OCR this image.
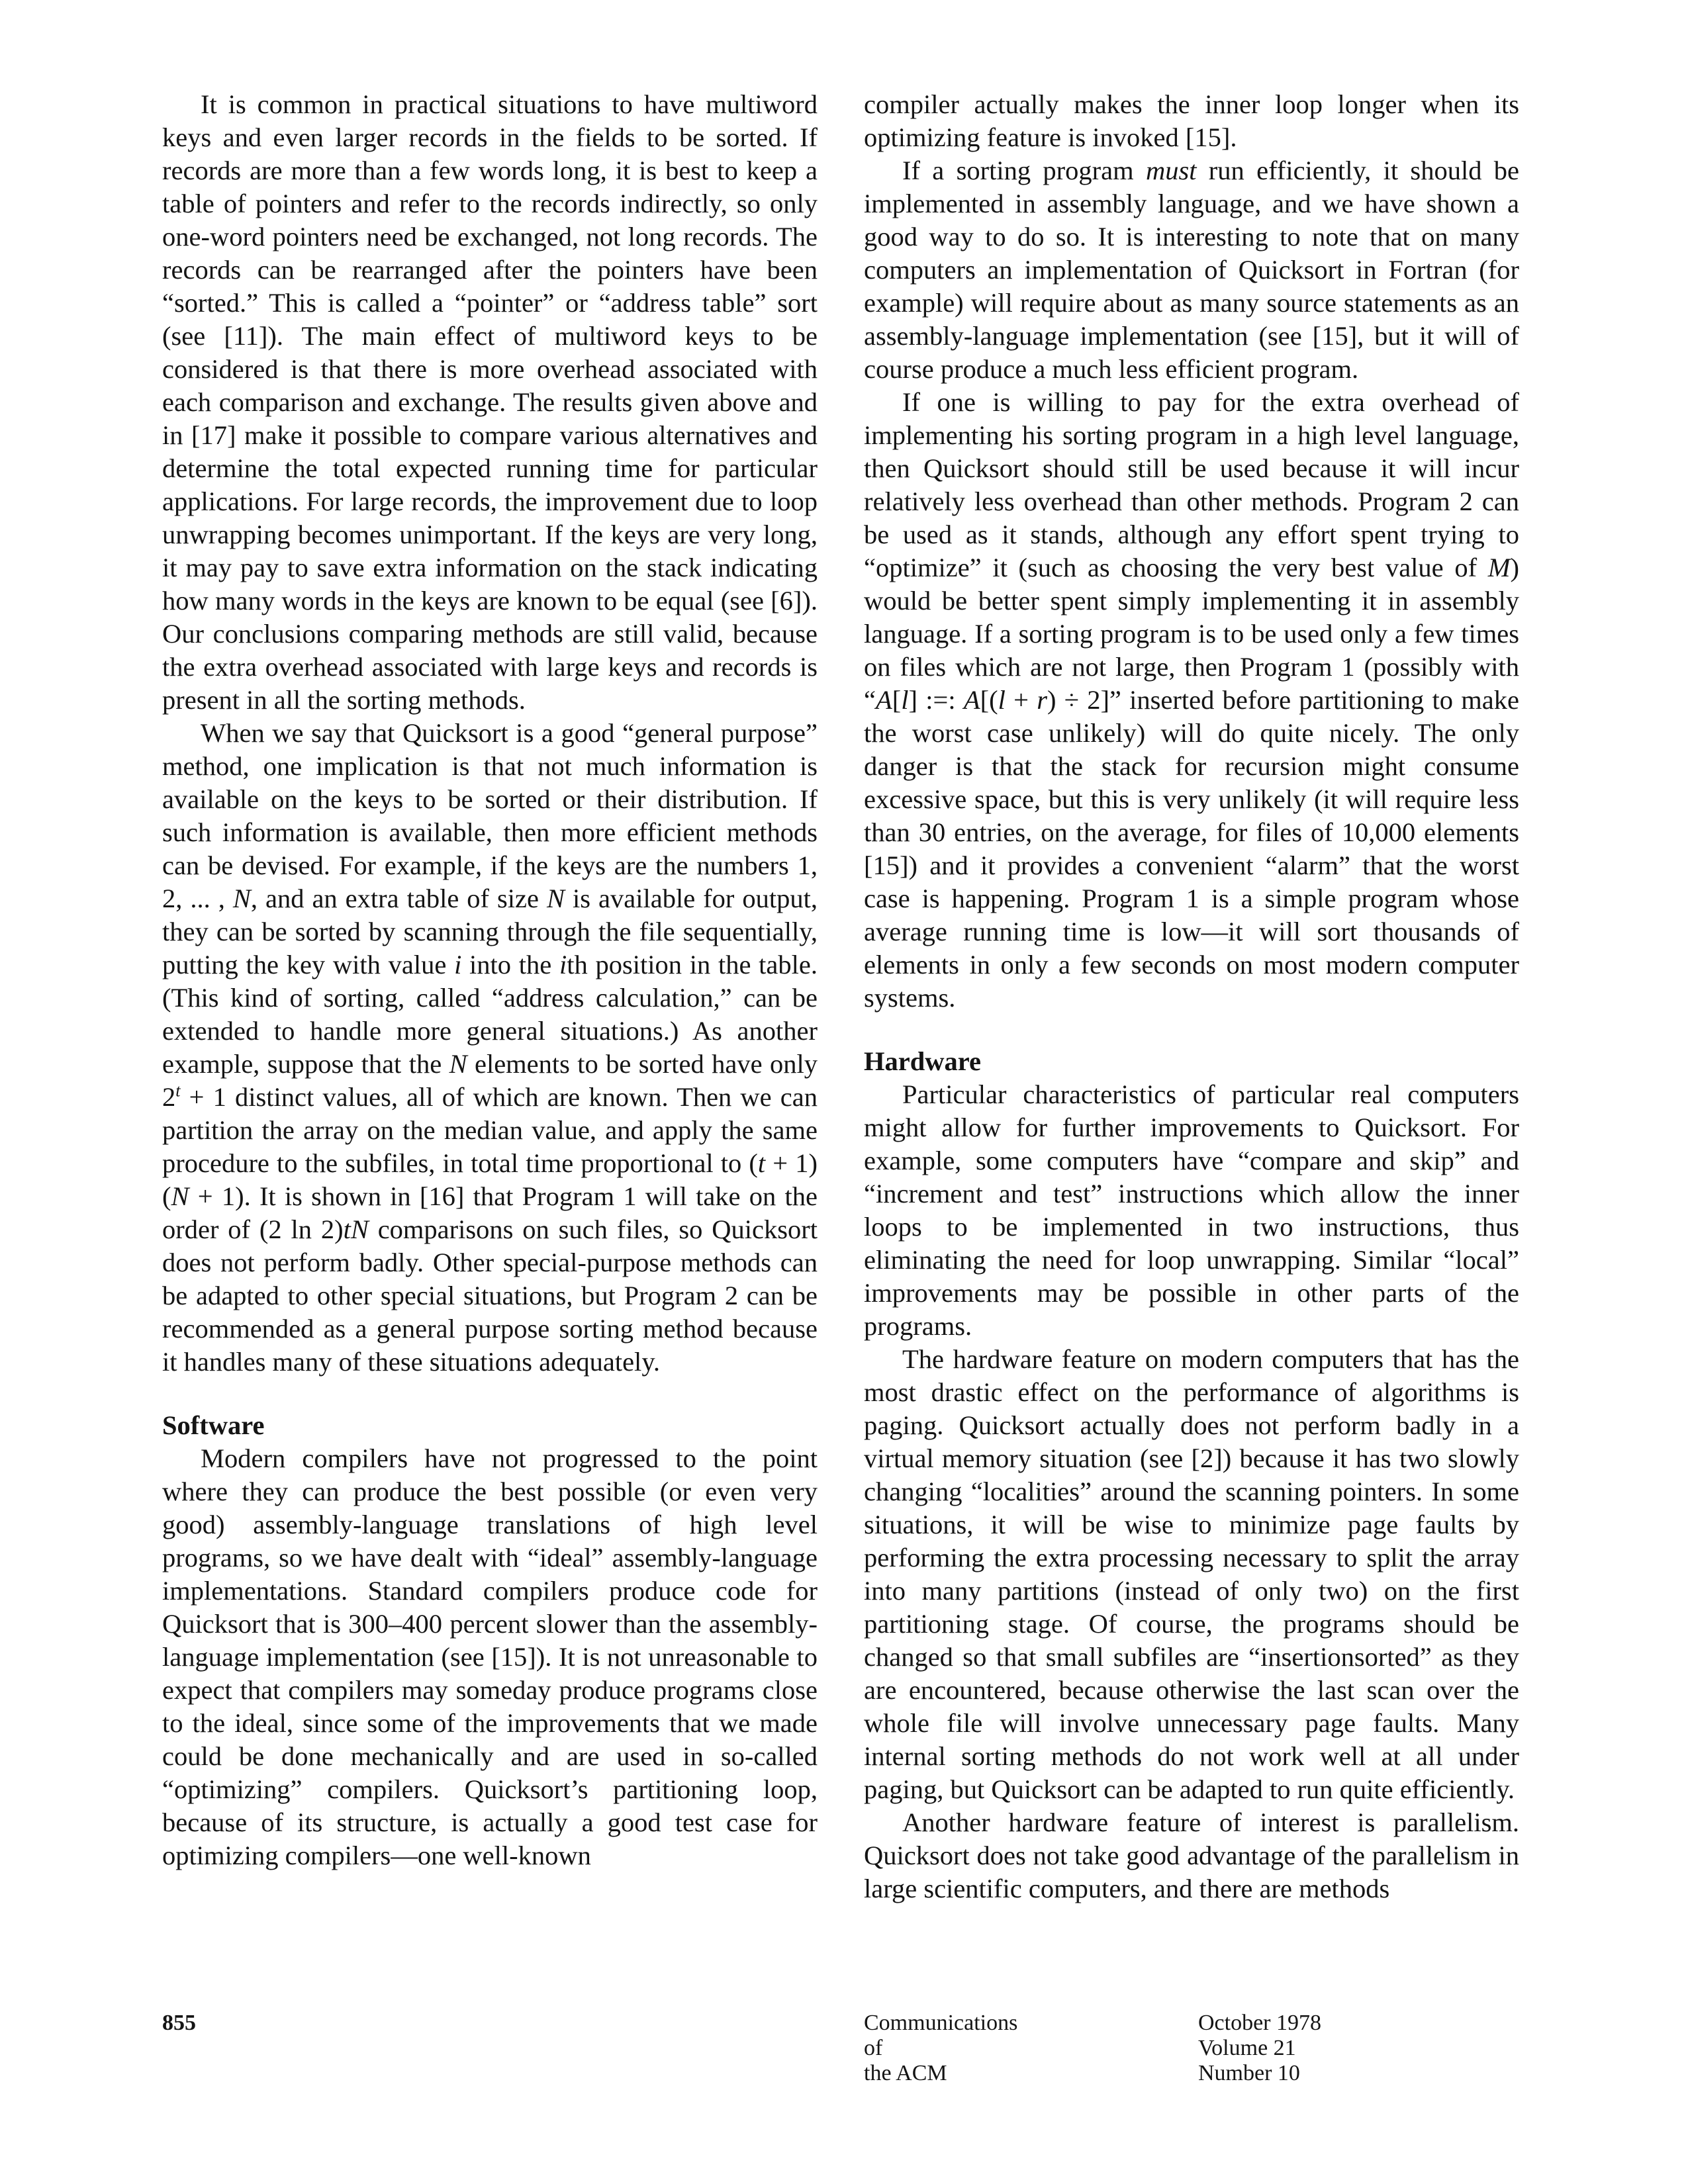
It is common in practical situations to have multiword keys and even larger records in the fields to be sorted. If records are more than a few words long, it is best to keep a table of pointers and refer to the records indirectly, so only one-word pointers need be exchanged, not long records. The records can be rearranged after the pointers have been “sorted.” This is called a “pointer” or “address table” sort (see [11]). The main effect of multiword keys to be considered is that there is more overhead associated with each comparison and exchange. The results given above and in [17] make it possible to compare various alternatives and determine the total expected running time for particular applications. For large records, the improvement due to loop unwrapping becomes unimportant. If the keys are very long, it may pay to save extra information on the stack indicating how many words in the keys are known to be equal (see [6]). Our conclusions comparing methods are still valid, because the extra overhead associated with large keys and records is present in all the sorting methods.

When we say that Quicksort is a good “general purpose” method, one implication is that not much information is available on the keys to be sorted or their distribution. If such information is available, then more efficient methods can be devised. For example, if the keys are the numbers 1, 2, ... , N, and an extra table of size N is available for output, they can be sorted by scanning through the file sequentially, putting the key with value i into the ith position in the table. (This kind of sorting, called “address calculation,” can be extended to handle more general situations.) As another example, suppose that the N elements to be sorted have only $2^t + 1$ distinct values, all of which are known. Then we can partition the array on the median value, and apply the same procedure to the subfiles, in total time proportional to (t + 1)(N + 1). It is shown in [16] that Program 1 will take on the order of (2 ln 2)tN comparisons on such files, so Quicksort does not perform badly. Other special-purpose methods can be adapted to other special situations, but Program 2 can be recommended as a general purpose sorting method because it handles many of these situations adequately.

Software

Modern compilers have not progressed to the point where they can produce the best possible (or even very good) assembly-language translations of high level programs, so we have dealt with “ideal” assembly-language implementations. Standard compilers produce code for Quicksort that is 300–400 percent slower than the assembly-language implementation (see [15]). It is not unreasonable to expect that compilers may someday produce programs close to the ideal, since some of the improvements that we made could be done mechanically and are used in so-called “optimizing” compilers. Quicksort’s partitioning loop, because of its structure, is actually a good test case for optimizing compilers—one well-known

compiler actually makes the inner loop longer when its optimizing feature is invoked [15].

If a sorting program must run efficiently, it should be implemented in assembly language, and we have shown a good way to do so. It is interesting to note that on many computers an implementation of Quicksort in Fortran (for example) will require about as many source statements as an assembly-language implementation (see [15], but it will of course produce a much less efficient program.

If one is willing to pay for the extra overhead of implementing his sorting program in a high level language, then Quicksort should still be used because it will incur relatively less overhead than other methods. Program 2 can be used as it stands, although any effort spent trying to “optimize” it (such as choosing the very best value of M) would be better spent simply implementing it in assembly language. If a sorting program is to be used only a few times on files which are not large, then Program 1 (possibly with “A[l] :=: A[(l + r) ÷ 2]” inserted before partitioning to make the worst case unlikely) will do quite nicely. The only danger is that the stack for recursion might consume excessive space, but this is very unlikely (it will require less than 30 entries, on the average, for files of 10,000 elements [15]) and it provides a convenient “alarm” that the worst case is happening. Program 1 is a simple program whose average running time is low—it will sort thousands of elements in only a few seconds on most modern computer systems.

Hardware

Particular characteristics of particular real computers might allow for further improvements to Quicksort. For example, some computers have “compare and skip” and “increment and test” instructions which allow the inner loops to be implemented in two instructions, thus eliminating the need for loop unwrapping. Similar “local” improvements may be possible in other parts of the programs.

The hardware feature on modern computers that has the most drastic effect on the performance of algorithms is paging. Quicksort actually does not perform badly in a virtual memory situation (see [2]) because it has two slowly changing “localities” around the scanning pointers. In some situations, it will be wise to minimize page faults by performing the extra processing necessary to split the array into many partitions (instead of only two) on the first partitioning stage. Of course, the programs should be changed so that small subfiles are “insertionsorted” as they are encountered, because otherwise the last scan over the whole file will involve unnecessary page faults. Many internal sorting methods do not work well at all under paging, but Quicksort can be adapted to run quite efficiently.

Another hardware feature of interest is parallelism. Quicksort does not take good advantage of the parallelism in large scientific computers, and there are methods

855	Communications
of
the ACM
October 1978
Volume 21
Number 10
